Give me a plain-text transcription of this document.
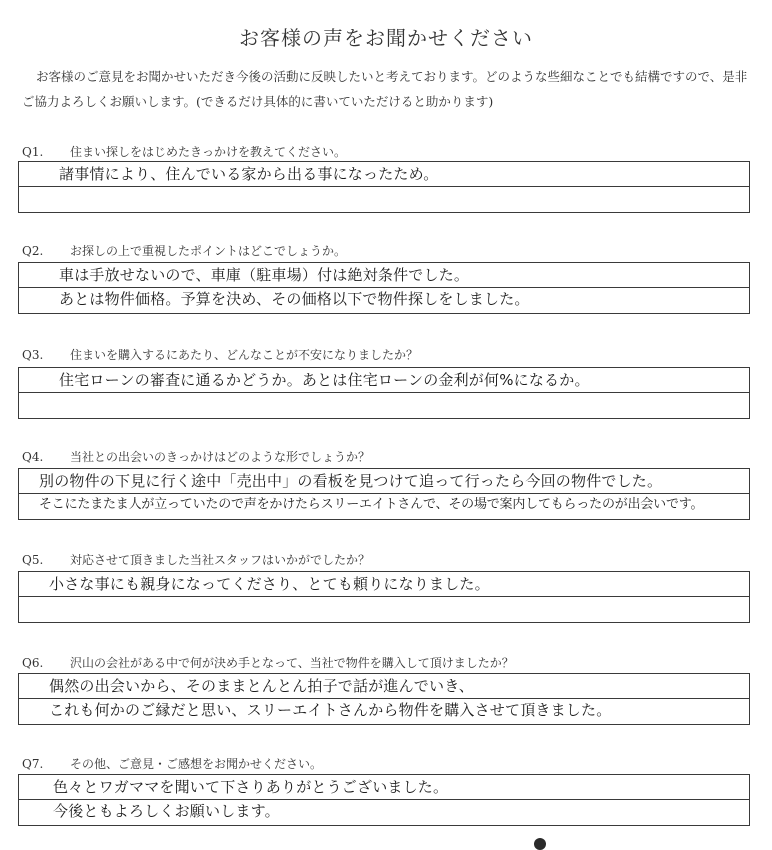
お客様の声をお聞かせください
お客様のご意見をお聞かせいただき今後の活動に反映したいと考えております。どのような些細なことでも結構ですので、是非ご協力よろしくお願いします。(できるだけ具体的に書いていただけると助かります)
Q1. 住まい探しをはじめたきっかけを教えてください。
諸事情により、住んでいる家から出る事になったため。
Q2. お探しの上で重視したポイントはどこでしょうか。
車は手放せないので、車庫（駐車場）付は絶対条件でした。
あとは物件価格。予算を決め、その価格以下で物件探しをしました。
Q3. 住まいを購入するにあたり、どんなことが不安になりましたか？
住宅ローンの審査に通るかどうか。あとは住宅ローンの金利が何%になるか。
Q4. 当社との出会いのきっかけはどのような形でしょうか？
別の物件の下見に行く途中「売出中」の看板を見つけて追って行ったら今回の物件でした。
そこにたまたま人が立っていたので声をかけたらスリーエイトさんで、その場で案内してもらったのが出会いです。
Q5. 対応させて頂きました当社スタッフはいかがでしたか？
小さな事にも親身になってくださり、とても頼りになりました。
Q6. 沢山の会社がある中で何が決め手となって、当社で物件を購入して頂けましたか？
偶然の出会いから、そのままとんとん拍子で話が進んでいき、
これも何かのご縁だと思い、スリーエイトさんから物件を購入させて頂きました。
Q7. その他、ご意見・ご感想をお聞かせください。
色々とワガママを聞いて下さりありがとうございました。
今後ともよろしくお願いします。
